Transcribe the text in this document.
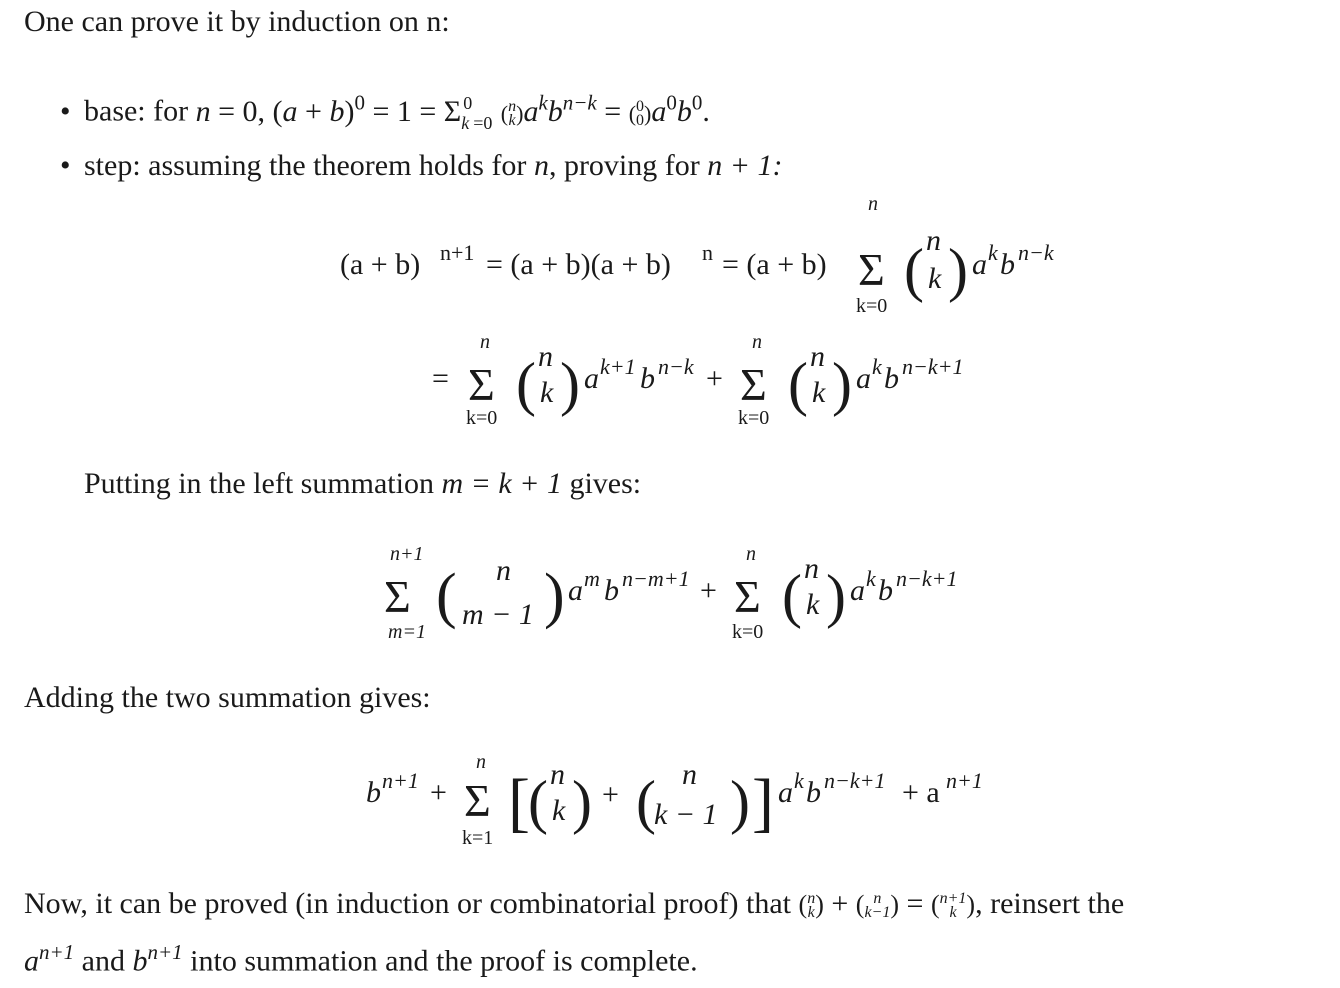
One can prove it by induction on n:
• base: for n = 0, $(a + b)^0 = 1 = \Sigma$ 0
k =0 ( n
k )$a^kb^{n-k}$ = ( 0
0 )$a^0b^0$.
• step: assuming the theorem holds for n, proving for n + 1:
(a + b) n+1 = (a + b)(a + b) n = (a + b)
n
Σ
k=0
( n
k ) a k b n−k
=
n
Σ
k=0
( n
k ) a k+1 b n−k +
n
Σ
k=0
( n
k ) a k b n−k+1
Putting in the left summation m = k + 1 gives:
n+1
Σ
m=1
( n
m − 1 ) a m b n−m+1 +
n
Σ
k=0
( n
k ) a k b n−k+1
Adding the two summation gives:
b n+1 +
n
Σ
k=1 [
( n
k ) + ( n
k − 1 ) ] a k b n−k+1 + a n+1
Now, it can be proved (in induction or combinatorial proof) that ( n
k ) + ( n
k−1 ) = ( n+1
k ), reinsert the
$a^{n+1}$ and $b^{n+1}$ into summation and the proof is complete.
